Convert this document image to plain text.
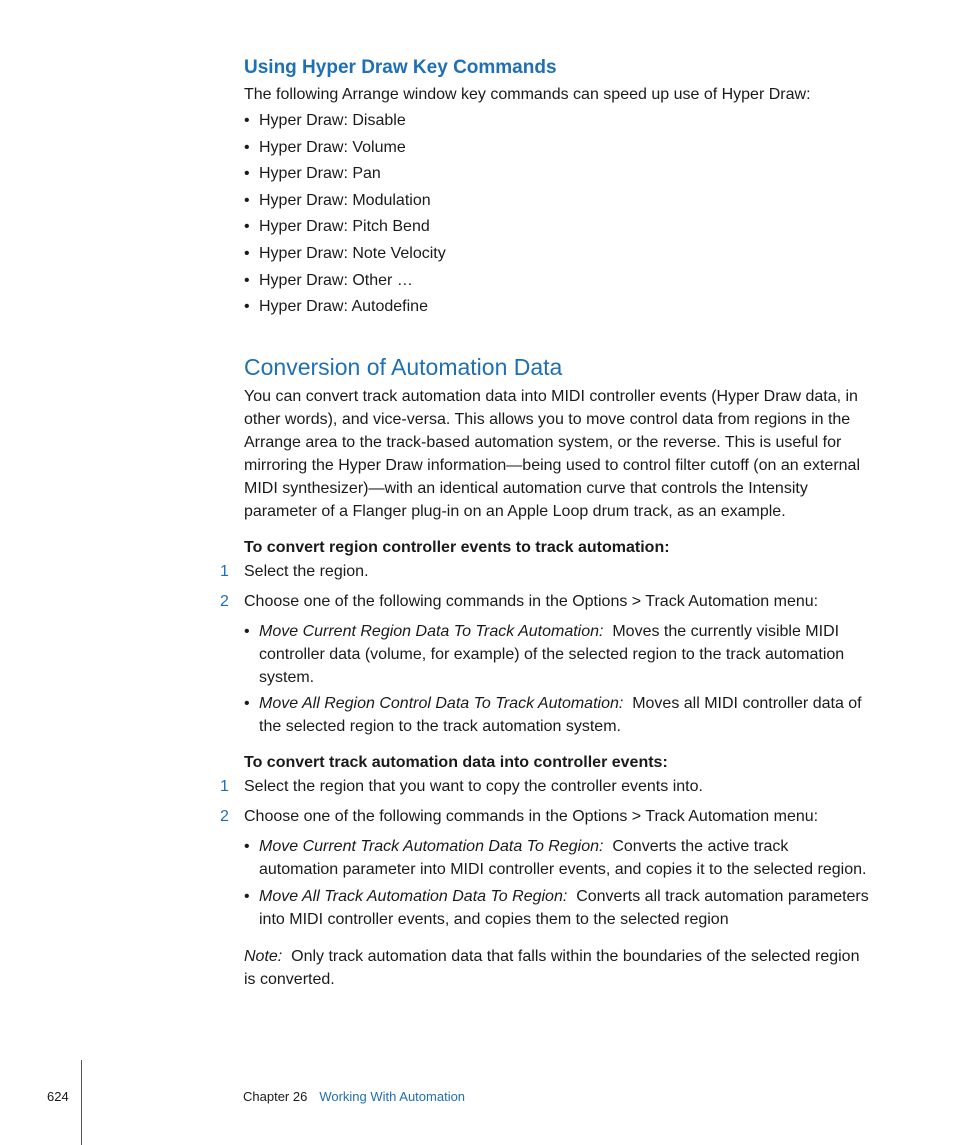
Using Hyper Draw Key Commands

The following Arrange window key commands can speed up use of Hyper Draw:

• Hyper Draw: Disable
• Hyper Draw: Volume
• Hyper Draw: Pan
• Hyper Draw: Modulation
• Hyper Draw: Pitch Bend
• Hyper Draw: Note Velocity
• Hyper Draw: Other …
• Hyper Draw: Autodefine
Conversion of Automation Data

You can convert track automation data into MIDI controller events (Hyper Draw data, in other words), and vice-versa. This allows you to move control data from regions in the Arrange area to the track-based automation system, or the reverse. This is useful for mirroring the Hyper Draw information—being used to control filter cutoff (on an external MIDI synthesizer)—with an identical automation curve that controls the Intensity parameter of a Flanger plug-in on an Apple Loop drum track, as an example.

To convert region controller events to track automation:

1 Select the region.
2 Choose one of the following commands in the Options > Track Automation menu:
• Move Current Region Data To Track Automation: Moves the currently visible MIDI controller data (volume, for example) of the selected region to the track automation system.
• Move All Region Control Data To Track Automation: Moves all MIDI controller data of the selected region to the track automation system.

To convert track automation data into controller events:

1 Select the region that you want to copy the controller events into.
2 Choose one of the following commands in the Options > Track Automation menu:
• Move Current Track Automation Data To Region: Converts the active track automation parameter into MIDI controller events, and copies it to the selected region.
• Move All Track Automation Data To Region: Converts all track automation parameters into MIDI controller events, and copies them to the selected region

Note: Only track automation data that falls within the boundaries of the selected region is converted.

624	Chapter 26 Working With Automation
